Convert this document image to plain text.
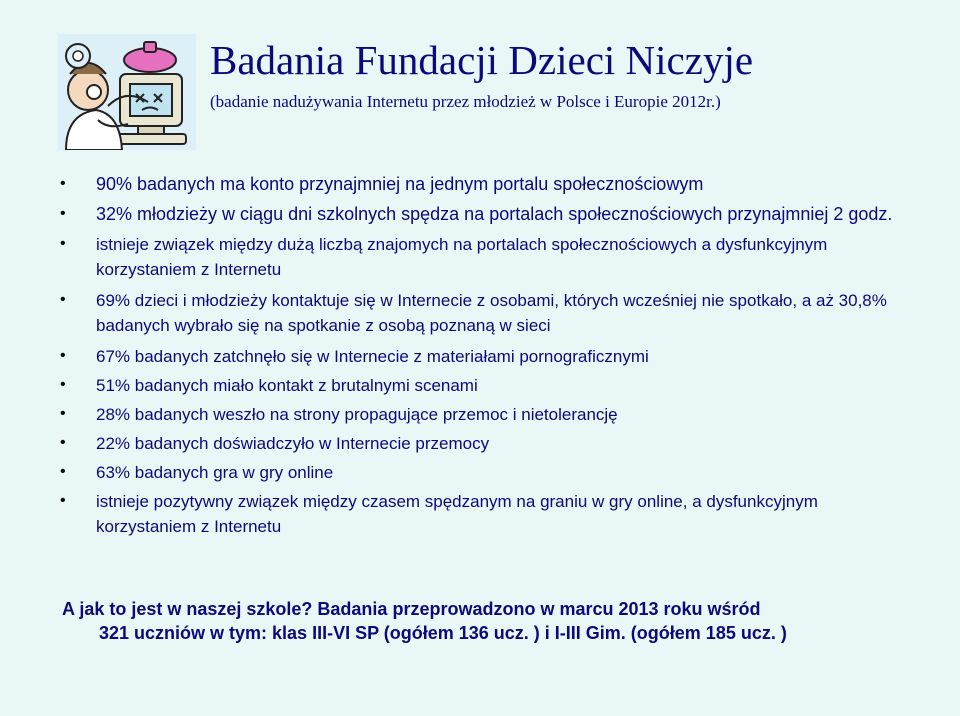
Badania Fundacji Dzieci Niczyje
(badanie nadużywania Internetu przez młodzież w Polsce i Europie 2012r.)
• 90% badanych ma konto przynajmniej na jednym portalu społecznościowym
• 32% młodzieży w ciągu dni szkolnych spędza na portalach społecznościowych przynajmniej 2 godz.
• istnieje związek między dużą liczbą znajomych na portalach społecznościowych a dysfunkcyjnym korzystaniem z Internetu
• 69% dzieci i młodzieży kontaktuje się w Internecie z osobami, których wcześniej nie spotkało, a aż 30,8% badanych wybrało się na spotkanie z osobą poznaną w sieci
• 67% badanych zatchnęło się w Internecie z materiałami pornograficznymi
• 51% badanych miało kontakt z brutalnymi scenami
• 28% badanych weszło na strony propagujące przemoc i nietolerancję
• 22% badanych doświadczyło w Internecie przemocy
• 63% badanych gra w gry online
• istnieje pozytywny związek między czasem spędzanym na graniu w gry online, a dysfunkcyjnym korzystaniem z Internetu
A jak to jest w naszej szkole? Badania przeprowadzono w marcu 2013 roku wśród
321 uczniów w tym: klas III-VI SP (ogółem 136 ucz. ) i I-III Gim. (ogółem 185 ucz. )
